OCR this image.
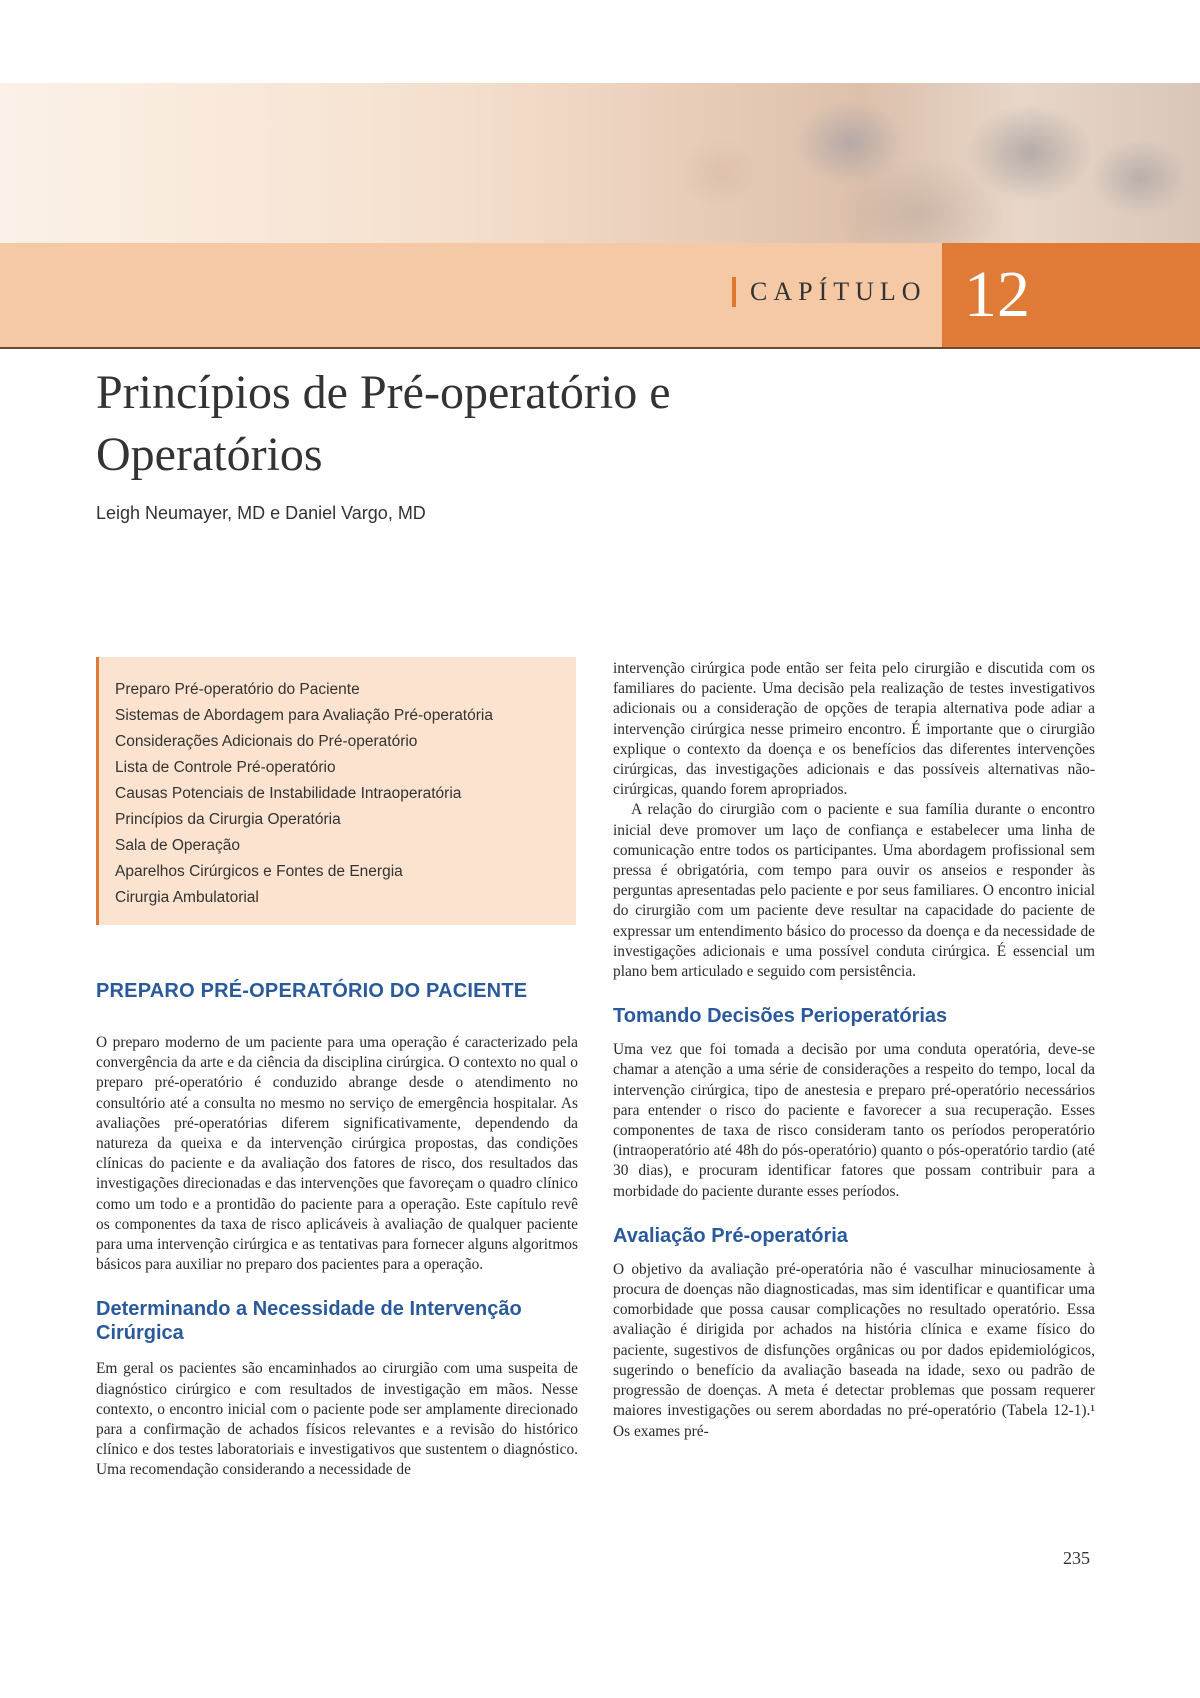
CAPÍTULO 12
Princípios de Pré-operatório e
Operatórios
Leigh Neumayer, MD e Daniel Vargo, MD
Preparo Pré-operatório do Paciente
Sistemas de Abordagem para Avaliação Pré-operatória
Considerações Adicionais do Pré-operatório
Lista de Controle Pré-operatório
Causas Potenciais de Instabilidade Intraoperatória
Princípios da Cirurgia Operatória
Sala de Operação
Aparelhos Cirúrgicos e Fontes de Energia
Cirurgia Ambulatorial
PREPARO PRÉ-OPERATÓRIO DO PACIENTE

O preparo moderno de um paciente para uma operação é caracterizado pela convergência da arte e da ciência da disciplina cirúrgica. O contexto no qual o preparo pré-operatório é conduzido abrange desde o atendimento no consultório até a consulta no mesmo no serviço de emergência hospitalar. As avaliações pré-operatórias diferem significativamente, dependendo da natureza da queixa e da intervenção cirúrgica propostas, das condições clínicas do paciente e da avaliação dos fatores de risco, dos resultados das investigações direcionadas e das intervenções que favoreçam o quadro clínico como um todo e a prontidão do paciente para a operação. Este capítulo revê os componentes da taxa de risco aplicáveis à avaliação de qualquer paciente para uma intervenção cirúrgica e as tentativas para fornecer alguns algoritmos básicos para auxiliar no preparo dos pacientes para a operação.

Determinando a Necessidade de Intervenção Cirúrgica

Em geral os pacientes são encaminhados ao cirurgião com uma suspeita de diagnóstico cirúrgico e com resultados de investigação em mãos. Nesse contexto, o encontro inicial com o paciente pode ser amplamente direcionado para a confirmação de achados físicos relevantes e a revisão do histórico clínico e dos testes laboratoriais e investigativos que sustentem o diagnóstico. Uma recomendação considerando a necessidade de

intervenção cirúrgica pode então ser feita pelo cirurgião e discutida com os familiares do paciente. Uma decisão pela realização de testes investigativos adicionais ou a consideração de opções de terapia alternativa pode adiar a intervenção cirúrgica nesse primeiro encontro. É importante que o cirurgião explique o contexto da doença e os benefícios das diferentes intervenções cirúrgicas, das investigações adicionais e das possíveis alternativas não-cirúrgicas, quando forem apropriados.

A relação do cirurgião com o paciente e sua família durante o encontro inicial deve promover um laço de confiança e estabelecer uma linha de comunicação entre todos os participantes. Uma abordagem profissional sem pressa é obrigatória, com tempo para ouvir os anseios e responder às perguntas apresentadas pelo paciente e por seus familiares. O encontro inicial do cirurgião com um paciente deve resultar na capacidade do paciente de expressar um entendimento básico do processo da doença e da necessidade de investigações adicionais e uma possível conduta cirúrgica. É essencial um plano bem articulado e seguido com persistência.

Tomando Decisões Perioperatórias

Uma vez que foi tomada a decisão por uma conduta operatória, deve-se chamar a atenção a uma série de considerações a respeito do tempo, local da intervenção cirúrgica, tipo de anestesia e preparo pré-operatório necessários para entender o risco do paciente e favorecer a sua recuperação. Esses componentes de taxa de risco consideram tanto os períodos peroperatório (intraoperatório até 48h do pós-operatório) quanto o pós-operatório tardio (até 30 dias), e procuram identificar fatores que possam contribuir para a morbidade do paciente durante esses períodos.

Avaliação Pré-operatória

O objetivo da avaliação pré-operatória não é vasculhar minuciosamente à procura de doenças não diagnosticadas, mas sim identificar e quantificar uma comorbidade que possa causar complicações no resultado operatório. Essa avaliação é dirigida por achados na história clínica e exame físico do paciente, sugestivos de disfunções orgânicas ou por dados epidemiológicos, sugerindo o benefício da avaliação baseada na idade, sexo ou padrão de progressão de doenças. A meta é detectar problemas que possam requerer maiores investigações ou serem abordadas no pré-operatório (Tabela 12-1).¹ Os exames pré-

235
